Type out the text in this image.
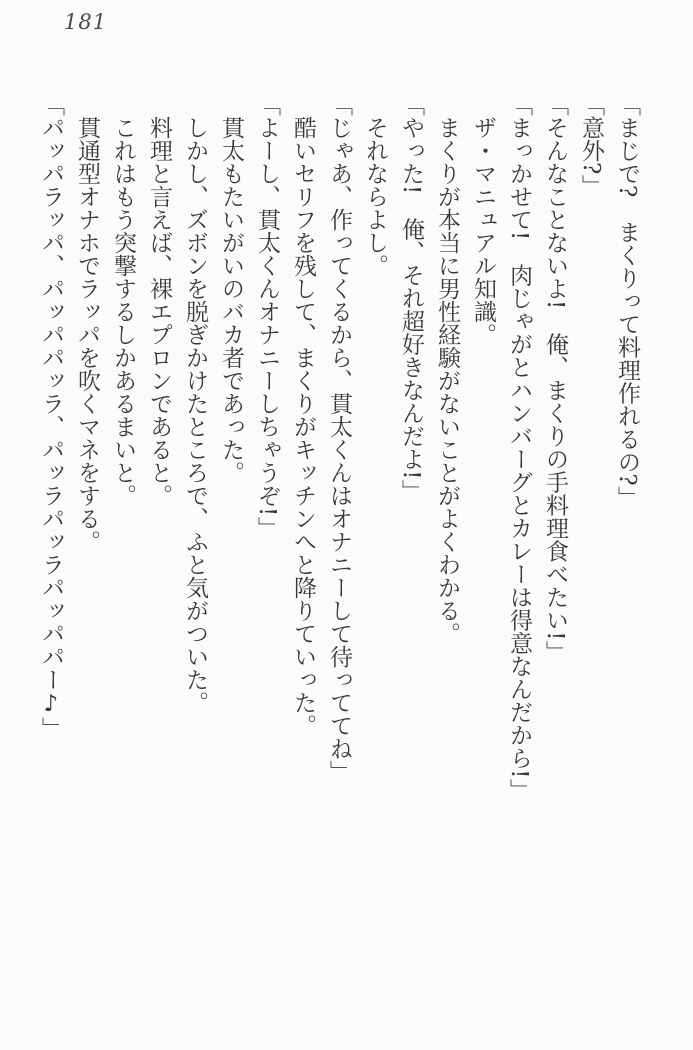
181

「まじで?　まくりって料理作れるの?」

「意外?」

「そんなことないよ!　俺、まくりの手料理食べたい!」

「まっかせて!　肉じゃがとハンバーグとカレーは得意なんだから!」

ザ・マニュアル知識。

まくりが本当に男性経験がないことがよくわかる。

「やった!　俺、それ超好きなんだよ!」

それならよし。

「じゃあ、作ってくるから、貫太くんはオナニーして待っててね」

酷いセリフを残して、まくりがキッチンへと降りていった。

「よーし、貫太くんオナニーしちゃうぞ!」

貫太もたいがいのバカ者であった。

しかし、ズボンを脱ぎかけたところで、ふと気がついた。

料理と言えば、裸エプロンであると。

これはもう突撃するしかあるまいと。

貫通型オナホでラッパを吹くマネをする。

「パッパラッパ、パッパパッラ、パッラパッラパッパパー♪」
